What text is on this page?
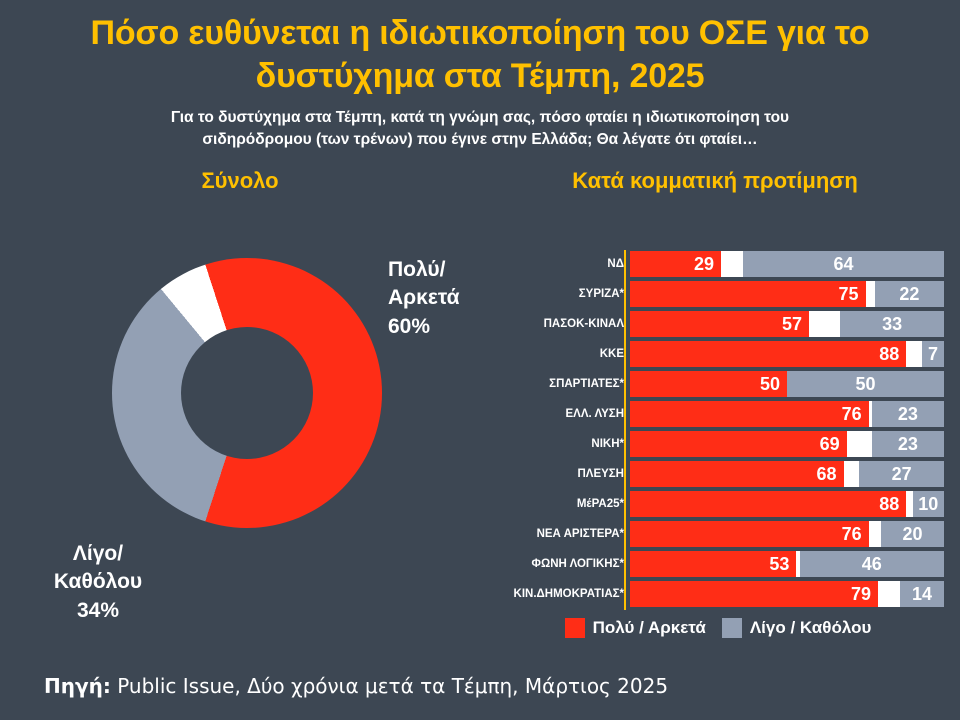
Πόσο ευθύνεται η ιδιωτικοποίηση του ΟΣΕ για το δυστύχημα στα Τέμπη, 2025
Για το δυστύχημα στα Τέμπη, κατά τη γνώμη σας, πόσο φταίει η ιδιωτικοποίηση του σιδηρόδρομου (των τρένων) που έγινε στην Ελλάδα; Θα λέγατε ότι φταίει…
Σύνολο	Κατά κομματική προτίμηση
Πολύ/
Αρκετά
60%
Λίγο/
Καθόλου
34%
ΝΔ	29	64
ΣΥΡΙΖΑ*	75	22
ΠΑΣΟΚ-ΚΙΝΑΛ	57	33
ΚΚΕ	88	7
ΣΠΑΡΤΙΑΤΕΣ*	50	50
ΕΛΛ. ΛΥΣΗ	76	23
ΝΙΚΗ*	69	23
ΠΛΕΥΣΗ	68	27
ΜέΡΑ25*	88	10
ΝΕΑ ΑΡΙΣΤΕΡΑ*	76	20
ΦΩΝΗ ΛΟΓΙΚΗΣ*	53	46
ΚΙΝ.ΔΗΜΟΚΡΑΤΙΑΣ*	79	14
Πολύ / Αρκετά	Λίγο / Καθόλου
Πηγή: Public Issue, Δύο χρόνια μετά τα Τέμπη, Μάρτιος 2025
